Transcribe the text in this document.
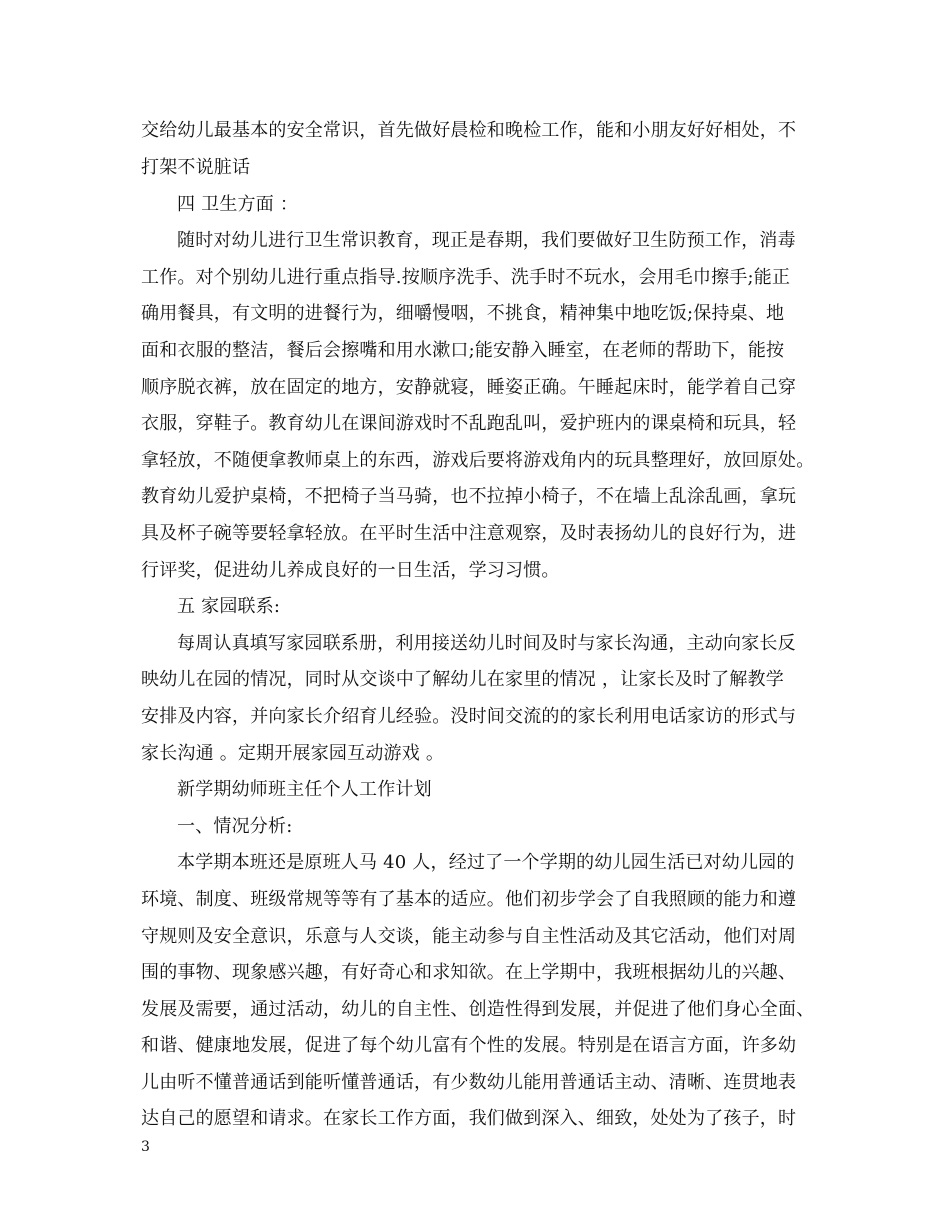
交给幼儿最基本的安全常识，首先做好晨检和晚检工作，能和小朋友好好相处，不
打架不说脏话
四 卫生方面 ：
随时对幼儿进行卫生常识教育，现正是春期，我们要做好卫生防预工作，消毒
工作。对个别幼儿进行重点指导.按顺序洗手、洗手时不玩水，会用毛巾擦手;能正
确用餐具，有文明的进餐行为，细嚼慢咽，不挑食，精神集中地吃饭;保持桌、地
面和衣服的整洁，餐后会擦嘴和用水漱口;能安静入睡室，在老师的帮助下，能按
顺序脱衣裤，放在固定的地方，安静就寝，睡姿正确。午睡起床时，能学着自己穿
衣服，穿鞋子。教育幼儿在课间游戏时不乱跑乱叫，爱护班内的课桌椅和玩具，轻
拿轻放，不随便拿教师桌上的东西，游戏后要将游戏角内的玩具整理好，放回原处。
教育幼儿爱护桌椅，不把椅子当马骑，也不拉掉小椅子，不在墙上乱涂乱画，拿玩
具及杯子碗等要轻拿轻放。在平时生活中注意观察，及时表扬幼儿的良好行为，进
行评奖，促进幼儿养成良好的一日生活，学习习惯。
五 家园联系:
每周认真填写家园联系册，利用接送幼儿时间及时与家长沟通，主动向家长反
映幼儿在园的情况，同时从交谈中了解幼儿在家里的情况 ，让家长及时了解教学
安排及内容，并向家长介绍育儿经验。没时间交流的的家长利用电话家访的形式与
家长沟通 。定期开展家园互动游戏 。
新学期幼师班主任个人工作计划
一、情况分析:
本学期本班还是原班人马 40 人，经过了一个学期的幼儿园生活已对幼儿园的
环境、制度、班级常规等等有了基本的适应。他们初步学会了自我照顾的能力和遵
守规则及安全意识，乐意与人交谈，能主动参与自主性活动及其它活动，他们对周
围的事物、现象感兴趣，有好奇心和求知欲。在上学期中，我班根据幼儿的兴趣、
发展及需要，通过活动，幼儿的自主性、创造性得到发展，并促进了他们身心全面、
和谐、健康地发展，促进了每个幼儿富有个性的发展。特别是在语言方面，许多幼
儿由听不懂普通话到能听懂普通话，有少数幼儿能用普通话主动、清晰、连贯地表
达自己的愿望和请求。在家长工作方面，我们做到深入、细致，处处为了孩子，时
3
